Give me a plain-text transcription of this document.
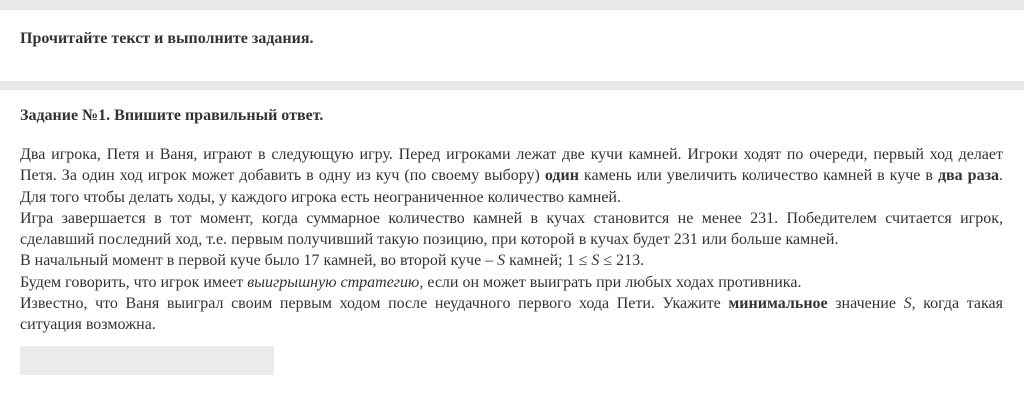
Прочитайте текст и выполните задания.
Задание №1. Впишите правильный ответ.

Два игрока, Петя и Ваня, играют в следующую игру. Перед игроками лежат две кучи камней. Игроки ходят по очереди, первый ход делает Петя. За один ход игрок может добавить в одну из куч (по своему выбору) один камень или увеличить количество камней в куче в два раза. Для того чтобы делать ходы, у каждого игрока есть неограниченное количество камней.

Игра завершается в тот момент, когда суммарное количество камней в кучах становится не менее 231. Победителем считается игрок, сделавший последний ход, т.е. первым получивший такую позицию, при которой в кучах будет 231 или больше камней.

В начальный момент в первой куче было 17 камней, во второй куче – S камней; 1 ≤ S ≤ 213.

Будем говорить, что игрок имеет выигрышную стратегию, если он может выиграть при любых ходах противника.

Известно, что Ваня выиграл своим первым ходом после неудачного первого хода Пети. Укажите минимальное значение S, когда такая ситуация возможна.
